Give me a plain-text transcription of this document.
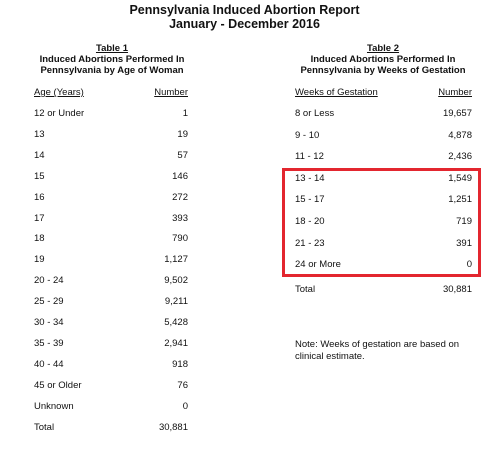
Pennsylvania Induced Abortion Report
January - December 2016
Table 1
Induced Abortions Performed In
Pennsylvania by Age of Woman
Age (Years)	Number
12 or Under	1
13	19
14	57
15	146
16	272
17	393
18	790
19	1,127
20 - 24	9,502
25 - 29	9,211
30 - 34	5,428
35 - 39	2,941
40 - 44	918
45 or Older	76
Unknown	0
Total	30,881
Table 2
Induced Abortions Performed In
Pennsylvania by Weeks of Gestation
Weeks of Gestation	Number
8 or Less	19,657
9 - 10	4,878
11 - 12	2,436
13 - 14	1,549
15 - 17	1,251
18 - 20	719
21 - 23	391
24 or More	0
Total	30,881
Note: Weeks of gestation are based on
clinical estimate.
